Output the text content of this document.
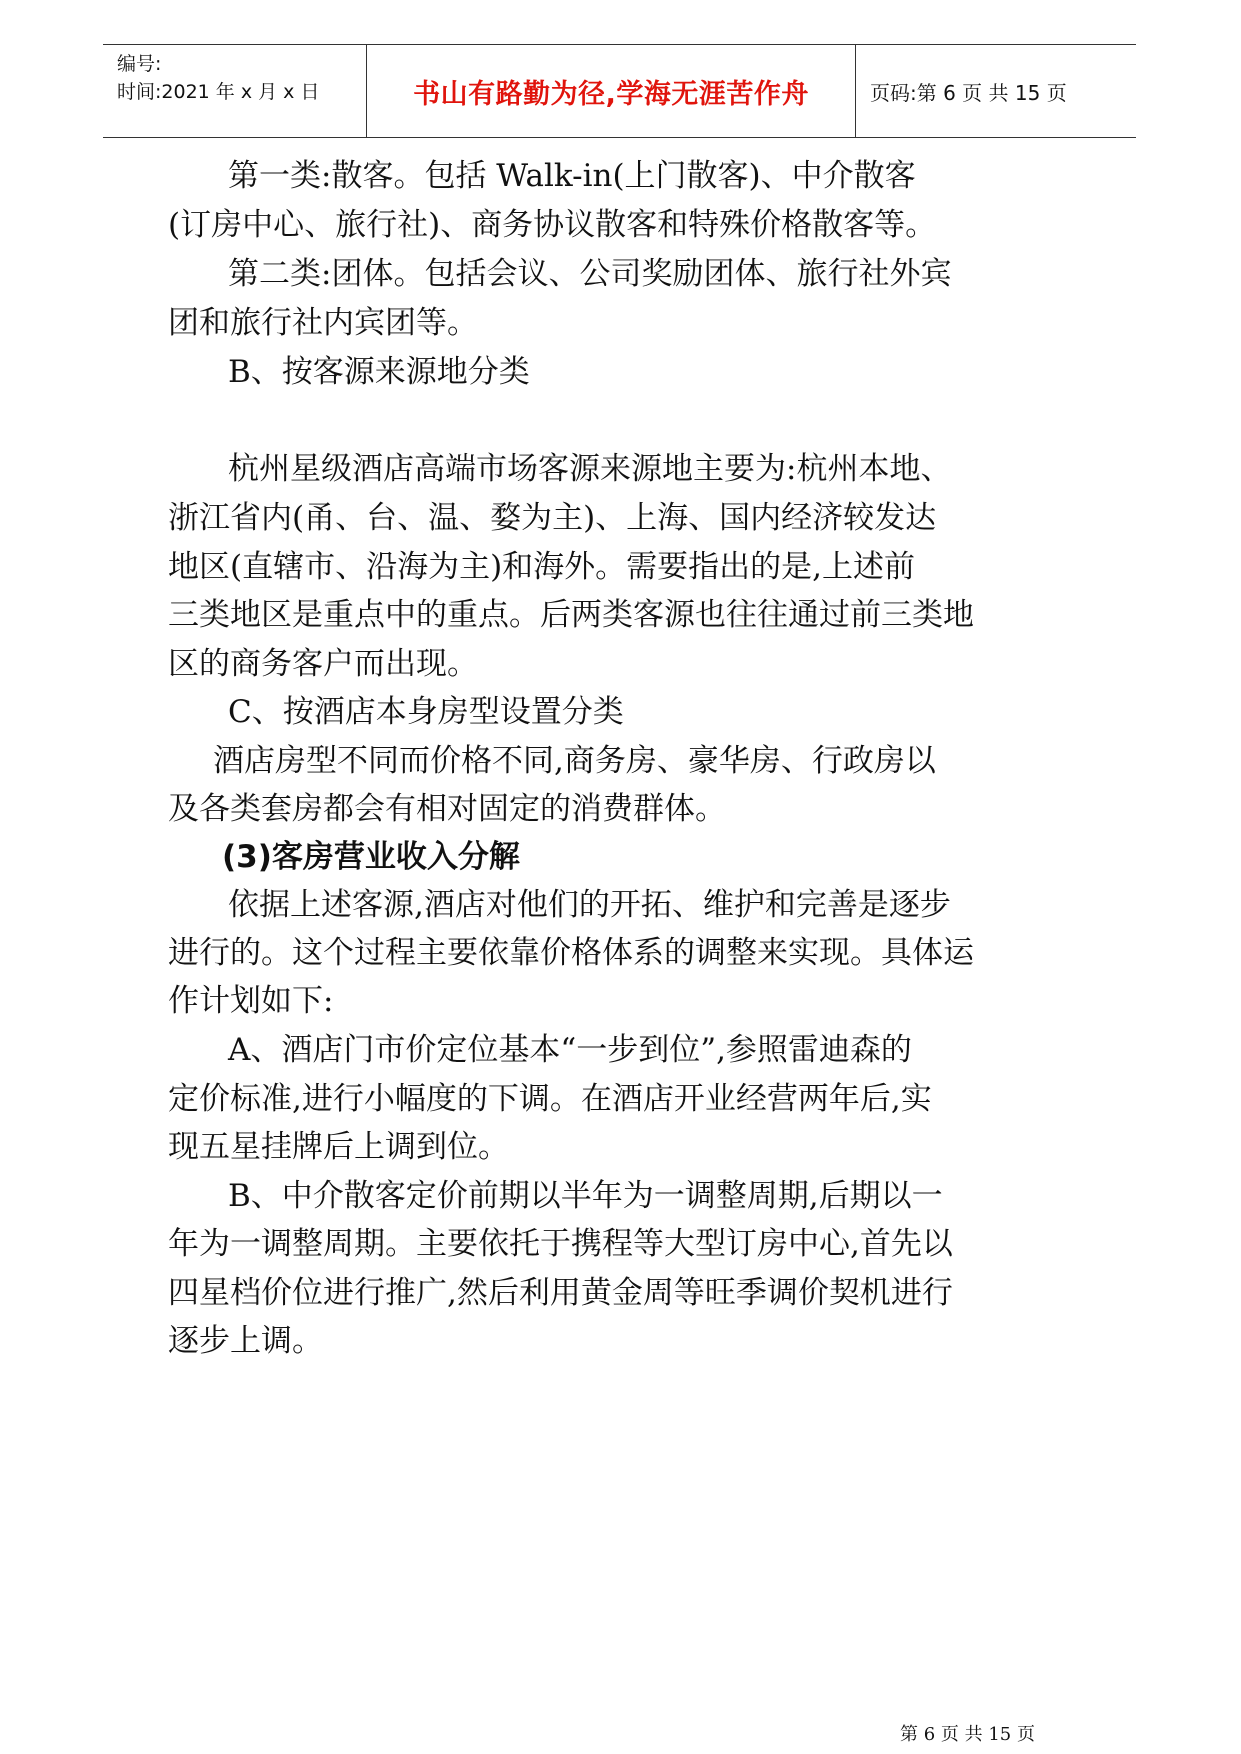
编号:
时间:2021 年 x 月 x 日	书山有路勤为径,学海无涯苦作舟	页码:第 6 页 共 15 页
第一类:散客。包括 Walk-in(上门散客)、中介散客
(订房中心、旅行社)、商务协议散客和特殊价格散客等。
第二类:团体。包括会议、公司奖励团体、旅行社外宾
团和旅行社内宾团等。
B、按客源来源地分类
杭州星级酒店高端市场客源来源地主要为:杭州本地、
浙江省内(甬、台、温、婺为主)、上海、国内经济较发达
地区(直辖市、沿海为主)和海外。需要指出的是,上述前
三类地区是重点中的重点。后两类客源也往往通过前三类地
区的商务客户而出现。
C、按酒店本身房型设置分类
酒店房型不同而价格不同,商务房、豪华房、行政房以
及各类套房都会有相对固定的消费群体。
(3)客房营业收入分解
依据上述客源,酒店对他们的开拓、维护和完善是逐步
进行的。这个过程主要依靠价格体系的调整来实现。具体运
作计划如下:
A、酒店门市价定位基本“一步到位”,参照雷迪森的
定价标准,进行小幅度的下调。在酒店开业经营两年后,实
现五星挂牌后上调到位。
B、中介散客定价前期以半年为一调整周期,后期以一
年为一调整周期。主要依托于携程等大型订房中心,首先以
四星档价位进行推广,然后利用黄金周等旺季调价契机进行
逐步上调。
第 6 页 共 15 页
